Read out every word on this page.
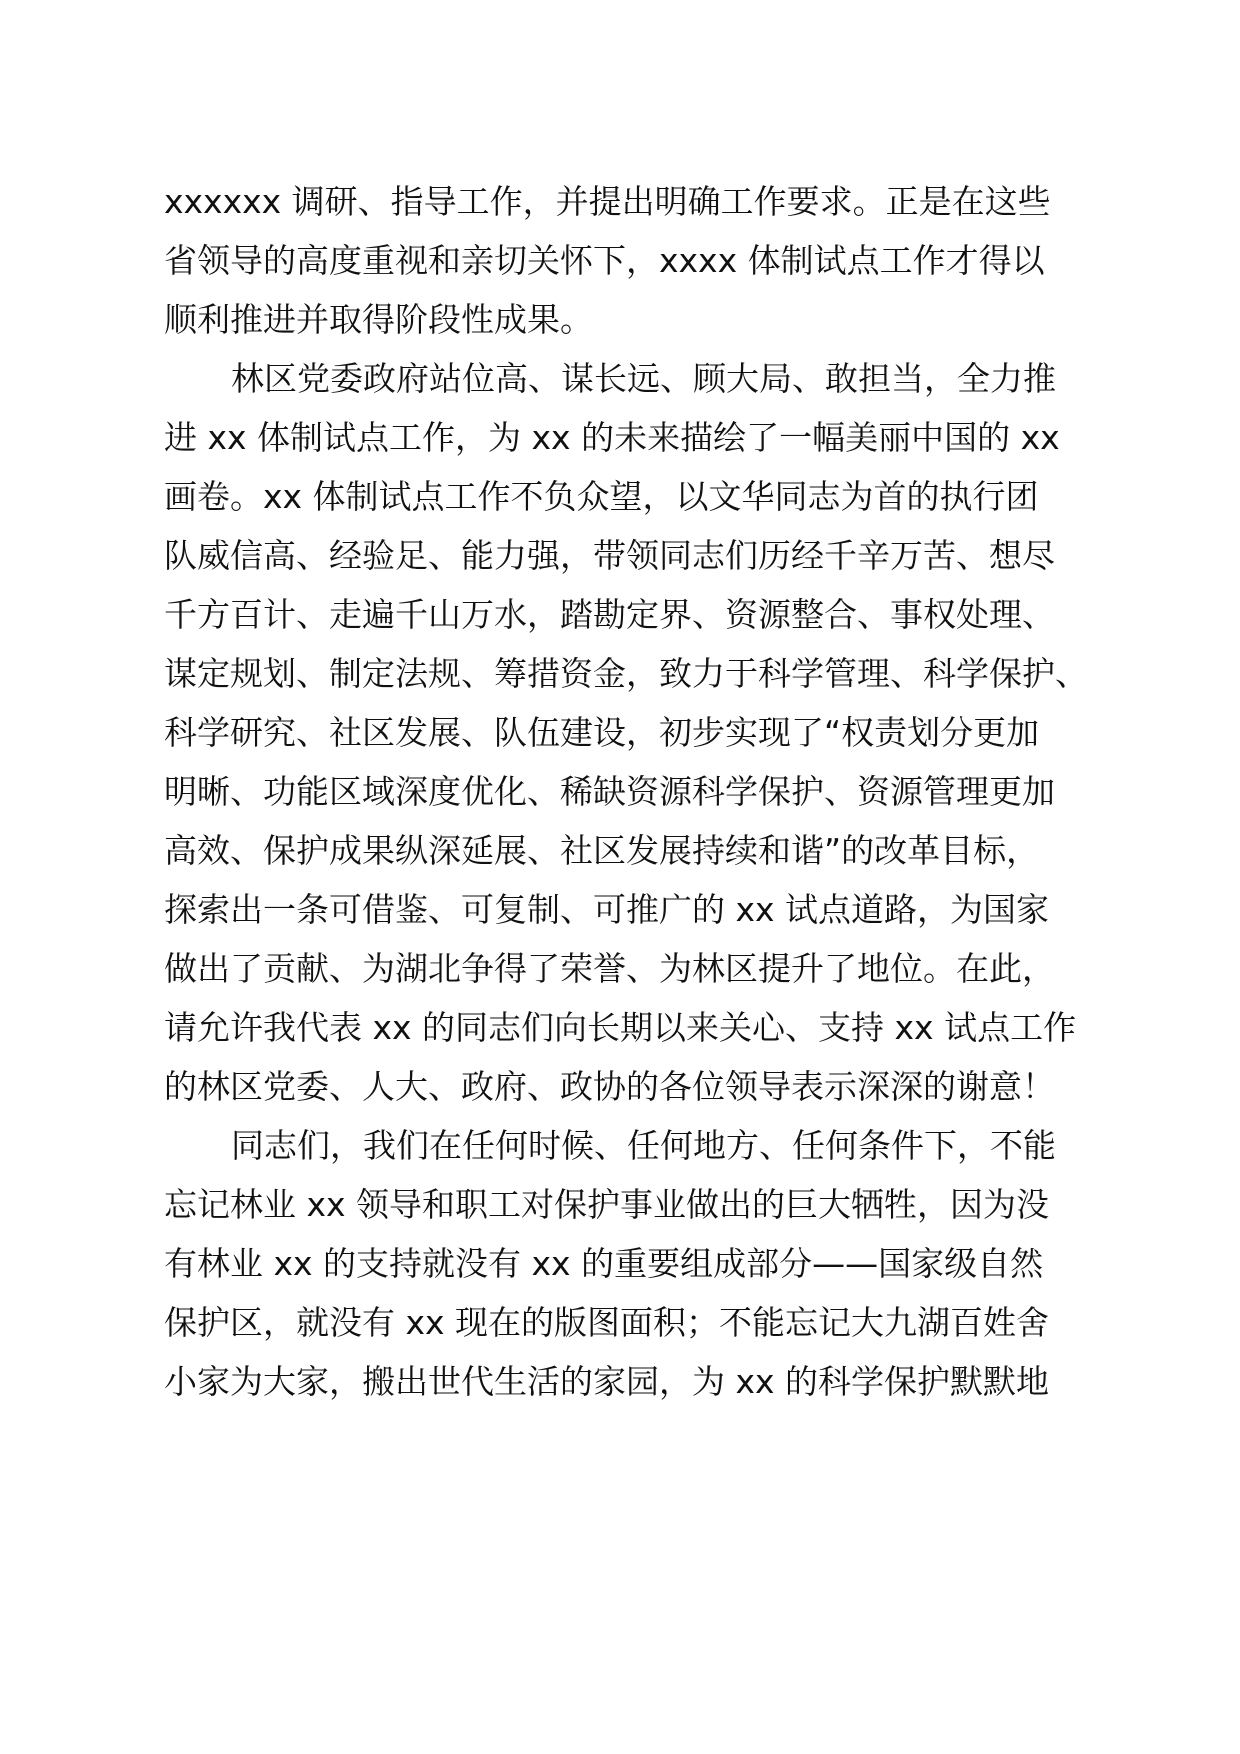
xxxxxx 调研、指导工作，并提出明确工作要求。正是在这些
省领导的高度重视和亲切关怀下，xxxx 体制试点工作才得以
顺利推进并取得阶段性成果。
林区党委政府站位高、谋长远、顾大局、敢担当，全力推
进 xx 体制试点工作，为 xx 的未来描绘了一幅美丽中国的 xx
画卷。xx 体制试点工作不负众望，以文华同志为首的执行团
队威信高、经验足、能力强，带领同志们历经千辛万苦、想尽
千方百计、走遍千山万水，踏勘定界、资源整合、事权处理、
谋定规划、制定法规、筹措资金，致力于科学管理、科学保护、
科学研究、社区发展、队伍建设，初步实现了“权责划分更加
明晰、功能区域深度优化、稀缺资源科学保护、资源管理更加
高效、保护成果纵深延展、社区发展持续和谐”的改革目标，
探索出一条可借鉴、可复制、可推广的 xx 试点道路，为国家
做出了贡献、为湖北争得了荣誉、为林区提升了地位。在此，
请允许我代表 xx 的同志们向长期以来关心、支持 xx 试点工作
的林区党委、人大、政府、政协的各位领导表示深深的谢意！
同志们，我们在任何时候、任何地方、任何条件下，不能
忘记林业 xx 领导和职工对保护事业做出的巨大牺牲，因为没
有林业 xx 的支持就没有 xx 的重要组成部分——国家级自然
保护区，就没有 xx 现在的版图面积；不能忘记大九湖百姓舍
小家为大家，搬出世代生活的家园，为 xx 的科学保护默默地
